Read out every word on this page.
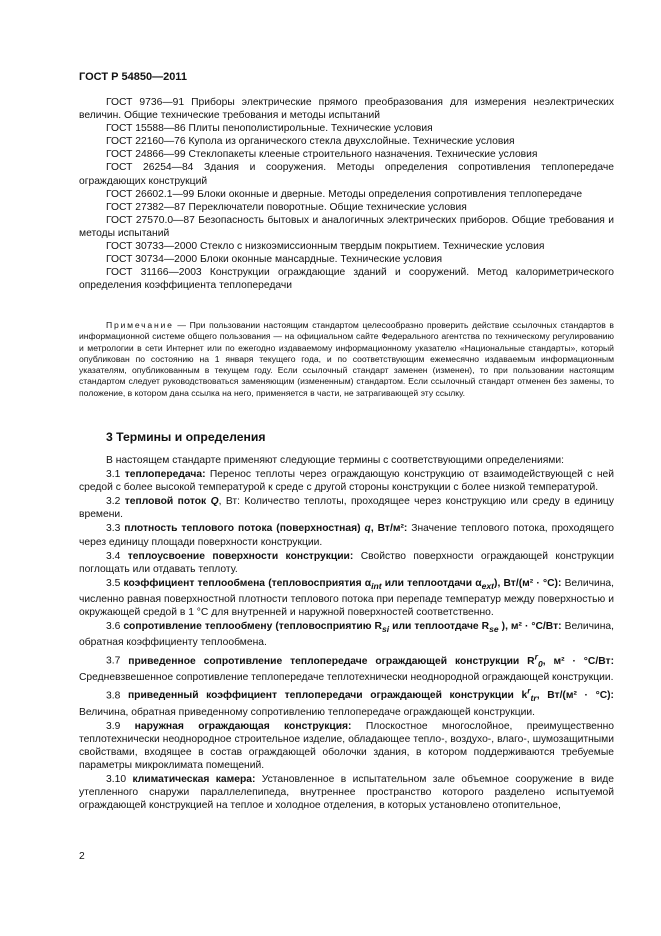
ГОСТ Р 54850—2011

ГОСТ 9736—91 Приборы электрические прямого преобразования для измерения неэлектрических величин. Общие технические требования и методы испытаний

ГОСТ 15588—86 Плиты пенополистирольные. Технические условия

ГОСТ 22160—76 Купола из органического стекла двухслойные. Технические условия

ГОСТ 24866—99 Стеклопакеты клееные строительного назначения. Технические условия

ГОСТ 26254—84 Здания и сооружения. Методы определения сопротивления теплопередаче ограждающих конструкций

ГОСТ 26602.1—99 Блоки оконные и дверные. Методы определения сопротивления теплопередаче

ГОСТ 27382—87 Переключатели поворотные. Общие технические условия

ГОСТ 27570.0—87 Безопасность бытовых и аналогичных электрических приборов. Общие требования и методы испытаний

ГОСТ 30733—2000 Стекло с низкоэмиссионным твердым покрытием. Технические условия

ГОСТ 30734—2000 Блоки оконные мансардные. Технические условия

ГОСТ 31166—2003 Конструкции ограждающие зданий и сооружений. Метод калориметрического определения коэффициента теплопередачи

Примечание — При пользовании настоящим стандартом целесообразно проверить действие ссылочных стандартов в информационной системе общего пользования — на официальном сайте Федерального агентства по техническому регулированию и метрологии в сети Интернет или по ежегодно издаваемому информационному указателю «Национальные стандарты», который опубликован по состоянию на 1 января текущего года, и по соответствующим ежемесячно издаваемым информационным указателям, опубликованным в текущем году. Если ссылочный стандарт заменен (изменен), то при пользовании настоящим стандартом следует руководствоваться заменяющим (измененным) стандартом. Если ссылочный стандарт отменен без замены, то положение, в котором дана ссылка на него, применяется в части, не затрагивающей эту ссылку.
3 Термины и определения

В настоящем стандарте применяют следующие термины с соответствующими определениями:

3.1 теплопередача: Перенос теплоты через ограждающую конструкцию от взаимодействующей с ней средой с более высокой температурой к среде с другой стороны конструкции с более низкой температурой.

3.2 тепловой поток Q, Вт: Количество теплоты, проходящее через конструкцию или среду в единицу времени.

3.3 плотность теплового потока (поверхностная) q, Вт/м²: Значение теплового потока, проходящего через единицу площади поверхности конструкции.

3.4 теплоусвоение поверхности конструкции: Свойство поверхности ограждающей конструкции поглощать или отдавать теплоту.

3.5 коэффициент теплообмена (тепловосприятия $\alpha_{int}$ или теплоотдачи $\alpha_{ext}$), Вт/(м² · °С): Величина, численно равная поверхностной плотности теплового потока при перепаде температур между поверхностью и окружающей средой в 1 °С для внутренней и наружной поверхностей соответственно.

3.6 сопротивление теплообмену (тепловосприятию $R_{si}$ или теплоотдаче $R_{se}$ ), м² · °С/Вт: Величина, обратная коэффициенту теплообмена.

3.7 приведенное сопротивление теплопередаче ограждающей конструкции $R^r_0$, м² · °С/Вт: Средневзвешенное сопротивление теплопередаче теплотехнически неоднородной ограждающей конструкции.

3.8 приведенный коэффициент теплопередачи ограждающей конструкции $k^r_{tr}$, Вт/(м² · °С): Величина, обратная приведенному сопротивлению теплопередаче ограждающей конструкции.

3.9 наружная ограждающая конструкция: Плоскостное многослойное, преимущественно теплотехнически неоднородное строительное изделие, обладающее тепло-, воздухо-, влаго-, шумозащитными свойствами, входящее в состав ограждающей оболочки здания, в котором поддерживаются требуемые параметры микроклимата помещений.

3.10 климатическая камера: Установленное в испытательном зале объемное сооружение в виде утепленного снаружи параллелепипеда, внутреннее пространство которого разделено испытуемой ограждающей конструкцией на теплое и холодное отделения, в которых установлено отопительное,

2
